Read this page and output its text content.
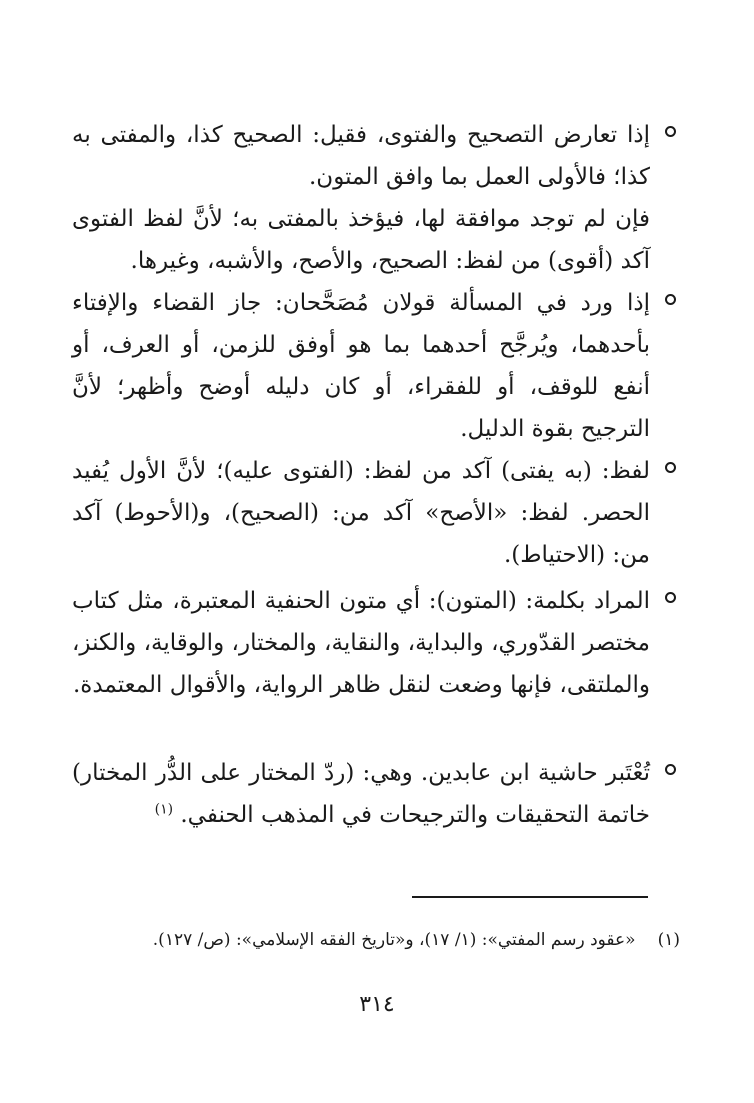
إذا تعارض التصحيح والفتوى، فقيل: الصحيح كذا، والمفتى به كذا؛ فالأولى العمل بما وافق المتون.

فإن لم توجد موافقة لها، فيؤخذ بالمفتى به؛ لأنَّ لفظ الفتوى آكد (أقوى) من لفظ: الصحيح، والأصح، والأشبه، وغيرها.

إذا ورد في المسألة قولان مُصَحَّحان: جاز القضاء والإفتاء بأحدهما، ويُرجَّح أحدهما بما هو أوفق للزمن، أو العرف، أو أنفع للوقف، أو للفقراء، أو كان دليله أوضح وأظهر؛ لأنَّ الترجيح بقوة الدليل.

لفظ: (به يفتى) آكد من لفظ: (الفتوى عليه)؛ لأنَّ الأول يُفيد الحصر. لفظ: «الأصح» آكد من: (الصحيح)، و(الأحوط) آكد من: (الاحتياط).

المراد بكلمة: (المتون): أي متون الحنفية المعتبرة، مثل كتاب مختصر القدّوري، والبداية، والنقاية، والمختار، والوقاية، والكنز، والملتقى، فإنها وضعت لنقل ظاهر الرواية، والأقوال المعتمدة.

تُعْتَبر حاشية ابن عابدين. وهي: (ردّ المختار على الدُّر المختار) خاتمة التحقيقات والترجيحات في المذهب الحنفي. $^{(١)}$

(١)«عقود رسم المفتي»: (١/ ١٧)، و«تاريخ الفقه الإسلامي»: (ص/ ١٢٧).
٣١٤
